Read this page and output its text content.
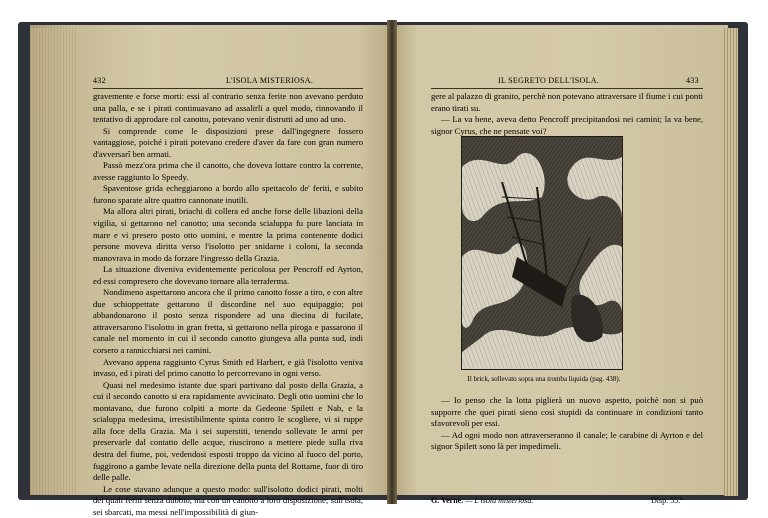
432	L'ISOLA MISTERIOSA.

gravemente e forse morti: essi al contrario senza ferite non avevano perduto una palla, e se i pirati continuavano ad assalirli a quel modo, rinnovando il tentativo di approdare col canotto, potevano venir distrutti ad uno ad uno.

Si comprende come le disposizioni prese dall'ingegnere fossero vantaggiose, poiché i pirati potevano credere d'aver da fare con gran numero d'avversarî ben armati.

Passò mezz'ora prima che il canotto, che doveva lottare contro la corrente, avesse raggiunto lo Speedy.

Spaventose grida echeggiarono a bordo allo spettacolo de' feriti, e subito furono sparate altre quattro cannonate inutili.

Ma allora altri pirati, briachi di collera ed anche forse delle libazioni della vigilia, si gettarono nel canotto; una seconda scialuppa fu pure lanciata in mare e vi presero posto otto uomini, e mentre la prima contenente dodici persone moveva diritta verso l'isolotto per snidarne i coloni, la seconda manovrava in modo da forzare l'ingresso della Grazia.

La situazione diveniva evidentemente pericolosa per Pencroff ed Ayrton, ed essi compresero che dovevano tornare alla terraferma.

Nondimeno aspettarono ancora che il primo canotto fosse a tiro, e con altre due schioppettate gettarono il discordine nel suo equipaggio; poi abbandonarono il posto senza rispondere ad una diecina di fucilate, attraversarono l'isolotto in gran fretta, si gettarono nella piroga e passarono il canale nel momento in cui il secondo canotto giungeva alla punta sud, indi corsero a rannicchiarsi nei camini.

Avevano appena raggiunto Cyrus Smith ed Harbert, e già l'isolotto veniva invaso, ed i pirati del primo canotto lo percorrevano in ogni verso.

Quasi nel medesimo istante due spari partivano dal posto della Grazia, a cui il secondo canotto si era rapidamente avvicinato. Degli otto uomini che lo montavano, due furono colpiti a morte da Gedeone Spilett e Nab, e la scialuppa medesima, irresistibilmente spinta contro le scogliere, vi si ruppe alla foce della Grazia. Ma i sei superstiti, tenendo sollevate le armi per preservarle dal contatto delle acque, riuscirono a mettere piede sulla riva destra del fiume, poi, vedendosi esposti troppo da vicino al fuoco del porto, fuggirono a gambe levate nella direzione della punta del Rottame, fuor di tiro delle palle.

Le cose stavano adunque a questo modo: sull'isolotto dodici pirati, molti dei quali feriti senza dubbio, ma con un canotto a loro disposizione; sull'isola, sei sbarcati, ma messi nell'impossibilità di giun-

IL SEGRETO DELL'ISOLA.	433

gere al palazzo di granito, perchè non potevano attraversare il fiume i cui ponti erano tirati su.

— La va bene, aveva detto Pencroff precipitandosi nei camini; la va bene, signor Cyrus, che ne pensate voi?

Il brick, sollevato sopra una tromba liquida (pag. 438).

— Io penso che la lotta piglierà un nuovo aspetto, poichè non si può supporre che quei pirati sieno così stupidi da continuare in condizioni tanto sfavorevoli per essi.

— Ad ogni modo non attraverseranno il canale; le carabine di Ayrton e del signor Spilett sono là per impedirneli.

G. Verne. — L'isola misteriosa.	Disp. 55.ª
